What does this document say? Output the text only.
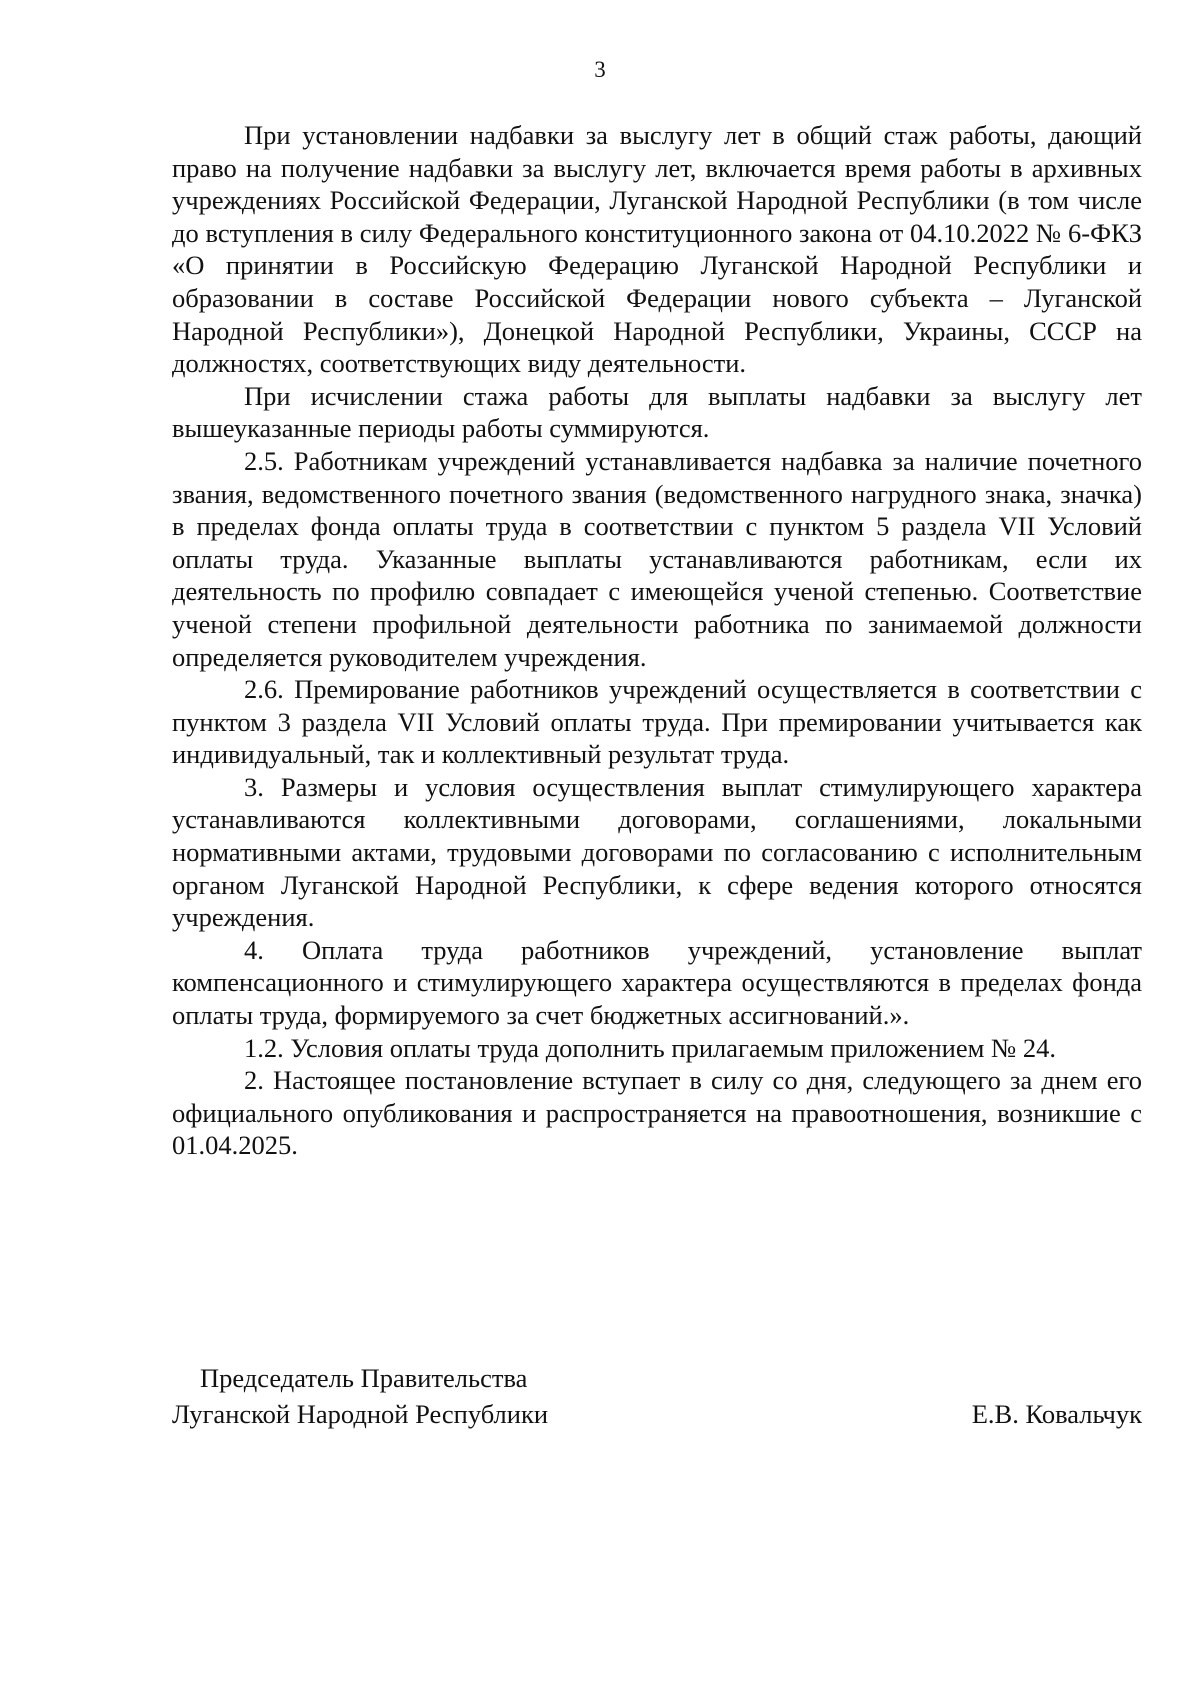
3

При установлении надбавки за выслугу лет в общий стаж работы, дающий право на получение надбавки за выслугу лет, включается время работы в архивных учреждениях Российской Федерации, Луганской Народной Республики (в том числе до вступления в силу Федерального конституционного закона от 04.10.2022 № 6-ФКЗ «О принятии в Российскую Федерацию Луганской Народной Республики и образовании в составе Российской Федерации нового субъекта – Луганской Народной Республики»), Донецкой Народной Республики, Украины, СССР на должностях, соответствующих виду деятельности.

При исчислении стажа работы для выплаты надбавки за выслугу лет вышеуказанные периоды работы суммируются.

2.5. Работникам учреждений устанавливается надбавка за наличие почетного звания, ведомственного почетного звания (ведомственного нагрудного знака, значка) в пределах фонда оплаты труда в соответствии с пунктом 5 раздела VII Условий оплаты труда. Указанные выплаты устанавливаются работникам, если их деятельность по профилю совпадает с имеющейся ученой степенью. Соответствие ученой степени профильной деятельности работника по занимаемой должности определяется руководителем учреждения.

2.6. Премирование работников учреждений осуществляется в соответствии с пунктом 3 раздела VII Условий оплаты труда. При премировании учитывается как индивидуальный, так и коллективный результат труда.

3. Размеры и условия осуществления выплат стимулирующего характера устанавливаются коллективными договорами, соглашениями, локальными нормативными актами, трудовыми договорами по согласованию с исполнительным органом Луганской Народной Республики, к сфере ведения которого относятся учреждения.

4. Оплата труда работников учреждений, установление выплат компенсационного и стимулирующего характера осуществляются в пределах фонда оплаты труда, формируемого за счет бюджетных ассигнований.».

1.2. Условия оплаты труда дополнить прилагаемым приложением № 24.

2. Настоящее постановление вступает в силу со дня, следующего за днем его официального опубликования и распространяется на правоотношения, возникшие с 01.04.2025.

Председатель Правительства
Луганской Народной Республики	Е.В. Ковальчук
